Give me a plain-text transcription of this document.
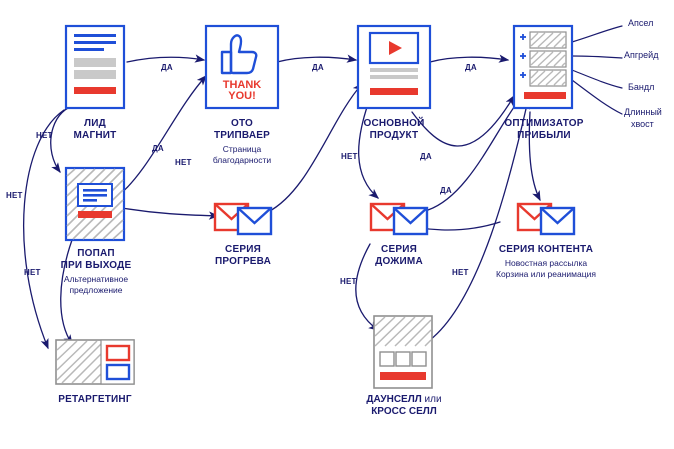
THANK
YOU!
ЛИД
МАГНИТ
ПОПАП
ПРИ ВЫХОДЕ
Альтернативное
предложение
РЕТАРГЕТИНГ
ОТО
ТРИПВАЕР
Страница
благодарности
СЕРИЯ
ПРОГРЕВА
ОСНОВНОЙ
ПРОДУКТ
СЕРИЯ
ДОЖИМА
ДАУНСЕЛЛ или
КРОСС СЕЛЛ
ОПТИМИЗАТОР
ПРИБЫЛИ
СЕРИЯ КОНТЕНТА
Новостная рассылка
Корзина или реанимация
ДА	ДА	ДА
НЕТ
НЕТ
НЕТ
ДА
НЕТ
НЕТ	ДА
ДА
НЕТ
НЕТ
Апсел
Апгрейд
Бандл
Длинный
хвост
